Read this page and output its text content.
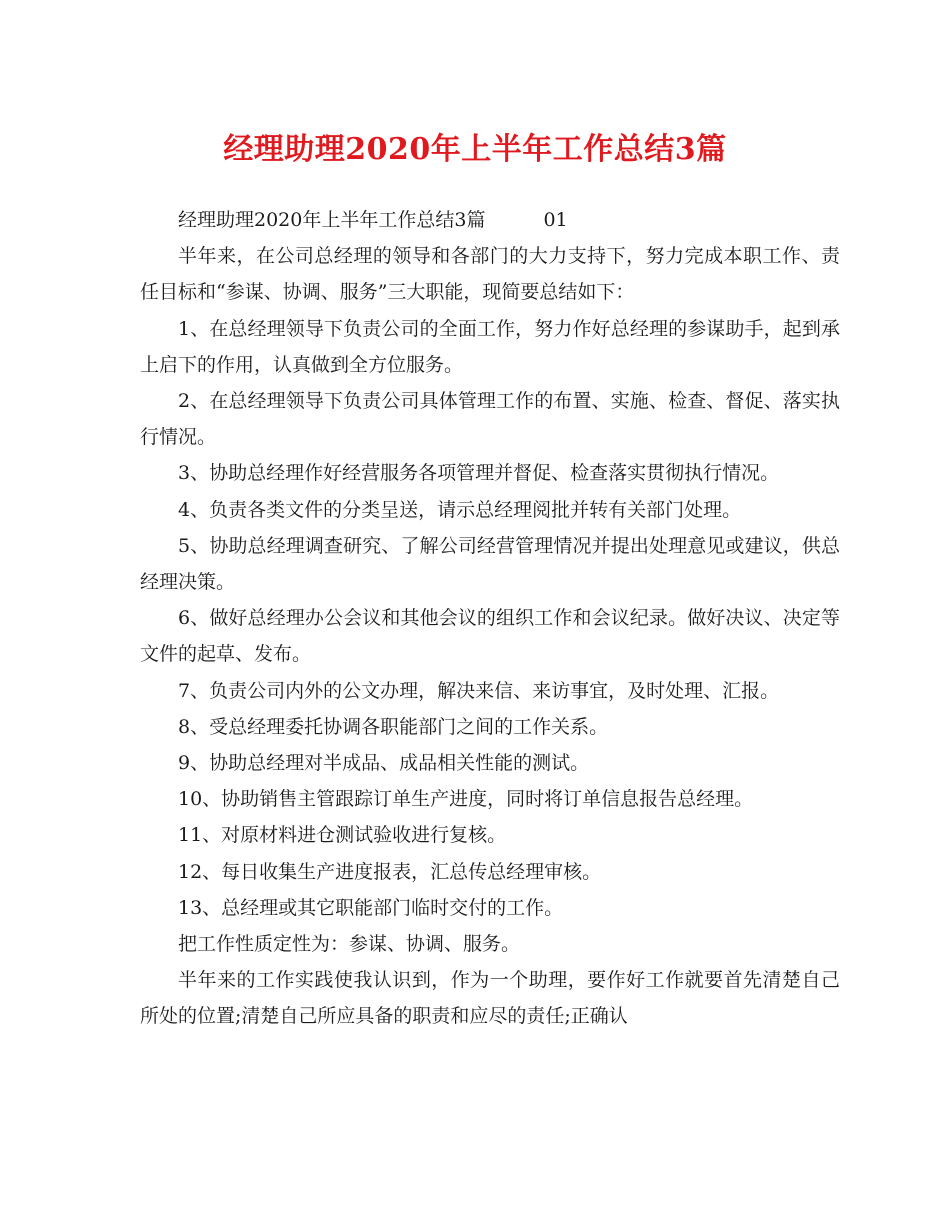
经理助理2020年上半年工作总结3篇

经理助理2020年上半年工作总结3篇	01

半年来，在公司总经理的领导和各部门的大力支持下，努力完成本职工作、责任目标和“参谋、协调、服务”三大职能，现简要总结如下：

1、在总经理领导下负责公司的全面工作，努力作好总经理的参谋助手，起到承上启下的作用，认真做到全方位服务。

2、在总经理领导下负责公司具体管理工作的布置、实施、检查、督促、落实执行情况。

3、协助总经理作好经营服务各项管理并督促、检查落实贯彻执行情况。

4、负责各类文件的分类呈送，请示总经理阅批并转有关部门处理。

5、协助总经理调查研究、了解公司经营管理情况并提出处理意见或建议，供总经理决策。

6、做好总经理办公会议和其他会议的组织工作和会议纪录。做好决议、决定等文件的起草、发布。

7、负责公司内外的公文办理，解决来信、来访事宜，及时处理、汇报。

8、受总经理委托协调各职能部门之间的工作关系。

9、协助总经理对半成品、成品相关性能的测试。

10、协助销售主管跟踪订单生产进度，同时将订单信息报告总经理。

11、对原材料进仓测试验收进行复核。

12、每日收集生产进度报表，汇总传总经理审核。

13、总经理或其它职能部门临时交付的工作。

把工作性质定性为：参谋、协调、服务。

半年来的工作实践使我认识到，作为一个助理，要作好工作就要首先清楚自己所处的位置;清楚自己所应具备的职责和应尽的责任;正确认
